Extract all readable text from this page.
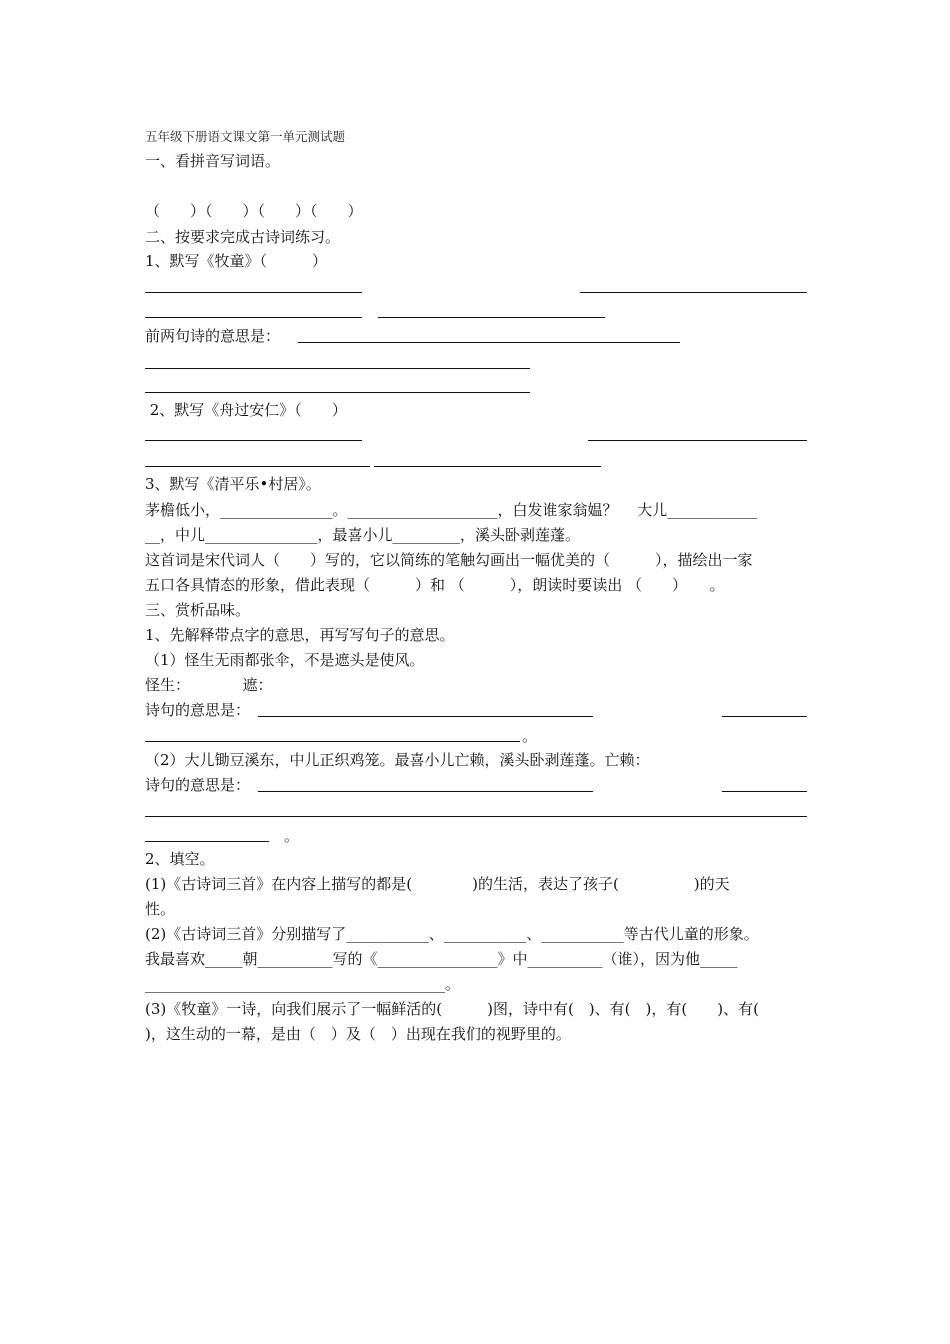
五年级下册语文课文第一单元测试题
一、看拼音写词语。

（　　）（　　）（　　）（　　）
二、按要求完成古诗词练习。
1、默写《牧童》（　　　）
前两句诗的意思是：
2、默写《舟过安仁》（　　）
3、默写《清平乐•村居》。
茅檐低小，_______________。____________________，白发谁家翁媪？　 大儿____________
__，中儿_______________，最喜小儿_________，溪头卧剥莲蓬。
这首词是宋代词人（　　）写的，它以简练的笔触勾画出一幅优美的（　　　），描绘出一家
五口各具情态的形象，借此表现（　　　）和 （　　　），朗读时要读出 （　　）　　。
三、赏析品味。
1、先解释带点字的意思，再写写句子的意思。
（1）怪生无雨都张伞，不是遮头是使风。
怪生：　　　　遮：
诗句的意思是：
。
（2）大儿锄豆溪东，中儿正织鸡笼。最喜小儿亡赖，溪头卧剥莲蓬。亡赖：
诗句的意思是：
。
2、填空。
(1)《古诗词三首》在内容上描写的都是(　　　　)的生活，表达了孩子(　　　　　)的天
性。
(2)《古诗词三首》分别描写了___________、___________、___________等古代儿童的形象。
我最喜欢_____朝__________写的《________________》中__________（谁），因为他_____
________________________________________。
(3)《牧童》一诗，向我们展示了一幅鲜活的(　　　)图，诗中有(　)、有(　)，有(　　)、有(
)，这生动的一幕，是由（　）及（　）出现在我们的视野里的。
